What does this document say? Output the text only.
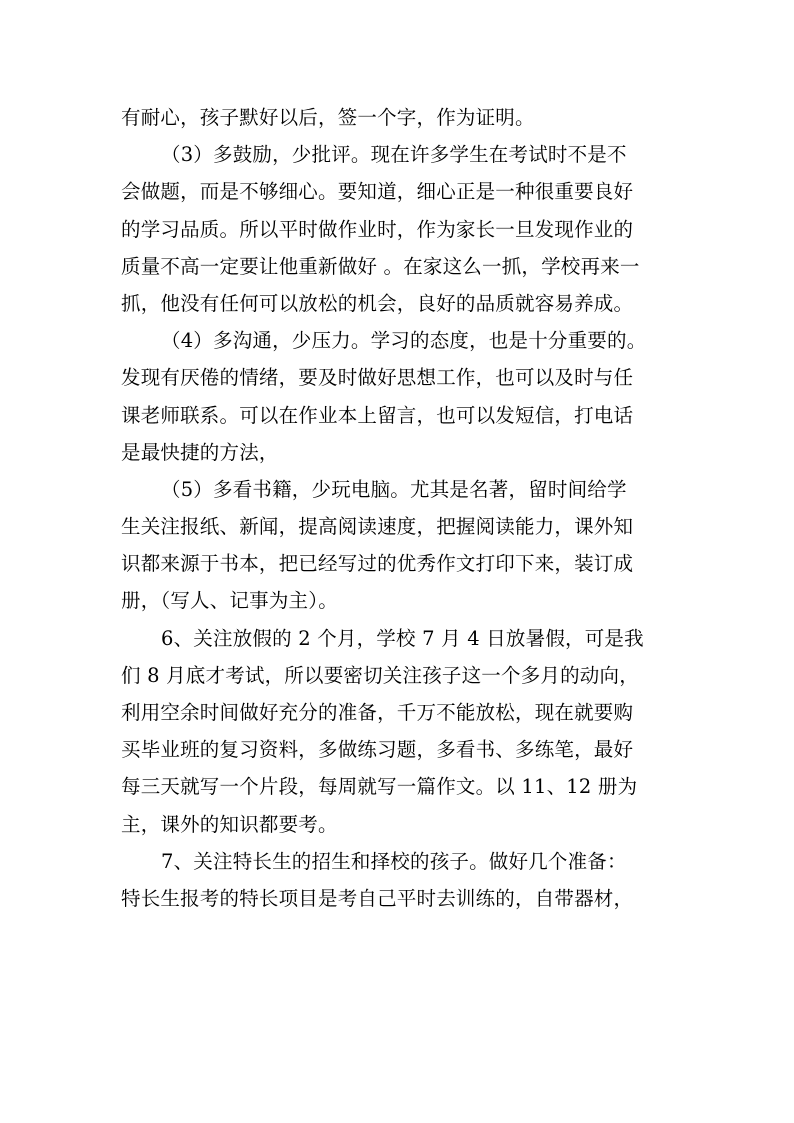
有耐心，孩子默好以后，签一个字，作为证明。
（3）多鼓励，少批评。现在许多学生在考试时不是不
会做题，而是不够细心。要知道，细心正是一种很重要良好
的学习品质。所以平时做作业时，作为家长一旦发现作业的
质量不高一定要让他重新做好 。在家这么一抓，学校再来一
抓，他没有任何可以放松的机会，良好的品质就容易养成。
（4）多沟通，少压力。学习的态度，也是十分重要的。
发现有厌倦的情绪，要及时做好思想工作，也可以及时与任
课老师联系。可以在作业本上留言，也可以发短信，打电话
是最快捷的方法，
（5）多看书籍，少玩电脑。尤其是名著，留时间给学
生关注报纸、新闻，提高阅读速度，把握阅读能力，课外知
识都来源于书本，把已经写过的优秀作文打印下来，装订成
册，（写人、记事为主）。
6、关注放假的 2 个月，学校 7 月 4 日放暑假，可是我
们 8 月底才考试，所以要密切关注孩子这一个多月的动向，
利用空余时间做好充分的准备，千万不能放松，现在就要购
买毕业班的复习资料，多做练习题，多看书、多练笔，最好
每三天就写一个片段，每周就写一篇作文。以 11、12 册为
主，课外的知识都要考。
7、关注特长生的招生和择校的孩子。做好几个准备：
特长生报考的特长项目是考自己平时去训练的，自带器材，
